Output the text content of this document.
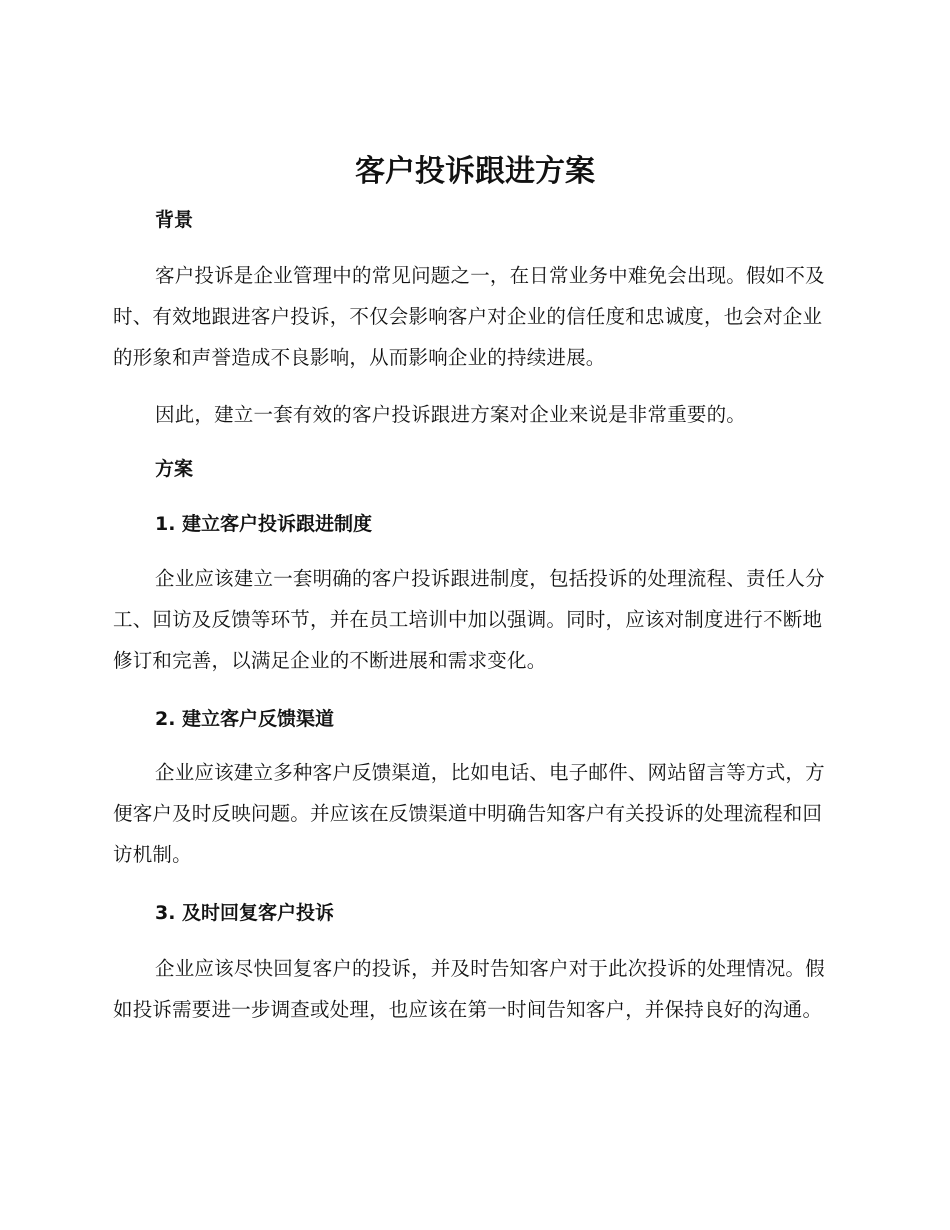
客户投诉跟进方案
背景

客户投诉是企业管理中的常见问题之一，在日常业务中难免会出现。假如不及时、有效地跟进客户投诉，不仅会影响客户对企业的信任度和忠诚度，也会对企业的形象和声誉造成不良影响，从而影响企业的持续进展。

因此，建立一套有效的客户投诉跟进方案对企业来说是非常重要的。

方案
1. 建立客户投诉跟进制度

企业应该建立一套明确的客户投诉跟进制度，包括投诉的处理流程、责任人分工、回访及反馈等环节，并在员工培训中加以强调。同时，应该对制度进行不断地修订和完善，以满足企业的不断进展和需求变化。

2. 建立客户反馈渠道

企业应该建立多种客户反馈渠道，比如电话、电子邮件、网站留言等方式，方便客户及时反映问题。并应该在反馈渠道中明确告知客户有关投诉的处理流程和回访机制。

3. 及时回复客户投诉

企业应该尽快回复客户的投诉，并及时告知客户对于此次投诉的处理情况。假如投诉需要进一步调查或处理，也应该在第一时间告知客户，并保持良好的沟通。
